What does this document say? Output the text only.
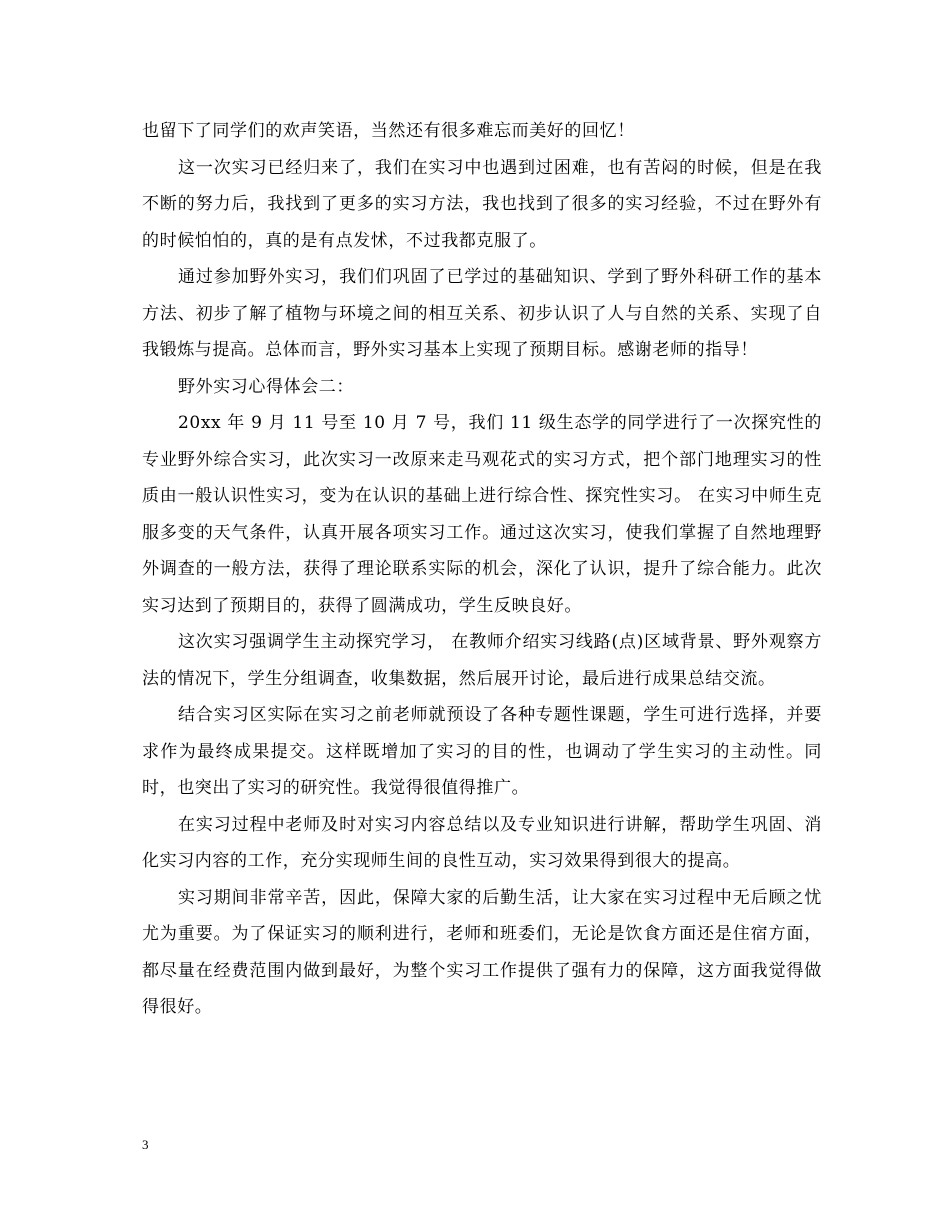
也留下了同学们的欢声笑语，当然还有很多难忘而美好的回忆！

这一次实习已经归来了，我们在实习中也遇到过困难，也有苦闷的时候，但是在我不断的努力后，我找到了更多的实习方法，我也找到了很多的实习经验，不过在野外有的时候怕怕的，真的是有点发怵，不过我都克服了。

通过参加野外实习，我们们巩固了已学过的基础知识、学到了野外科研工作的基本方法、初步了解了植物与环境之间的相互关系、初步认识了人与自然的关系、实现了自我锻炼与提高。总体而言，野外实习基本上实现了预期目标。感谢老师的指导！

野外实习心得体会二：

20xx 年 9 月 11 号至 10 月 7 号，我们 11 级生态学的同学进行了一次探究性的专业野外综合实习，此次实习一改原来走马观花式的实习方式，把个部门地理实习的性质由一般认识性实习，变为在认识的基础上进行综合性、探究性实习。 在实习中师生克服多变的天气条件，认真开展各项实习工作。通过这次实习，使我们掌握了自然地理野外调查的一般方法，获得了理论联系实际的机会，深化了认识，提升了综合能力。此次实习达到了预期目的，获得了圆满成功，学生反映良好。

这次实习强调学生主动探究学习， 在教师介绍实习线路(点)区域背景、野外观察方法的情况下，学生分组调查，收集数据，然后展开讨论，最后进行成果总结交流。

结合实习区实际在实习之前老师就预设了各种专题性课题，学生可进行选择，并要求作为最终成果提交。这样既增加了实习的目的性，也调动了学生实习的主动性。同时，也突出了实习的研究性。我觉得很值得推广。

在实习过程中老师及时对实习内容总结以及专业知识进行讲解，帮助学生巩固、消化实习内容的工作，充分实现师生间的良性互动，实习效果得到很大的提高。

实习期间非常辛苦，因此，保障大家的后勤生活，让大家在实习过程中无后顾之忧尤为重要。为了保证实习的顺利进行，老师和班委们，无论是饮食方面还是住宿方面，都尽量在经费范围内做到最好，为整个实习工作提供了强有力的保障，这方面我觉得做得很好。

3
